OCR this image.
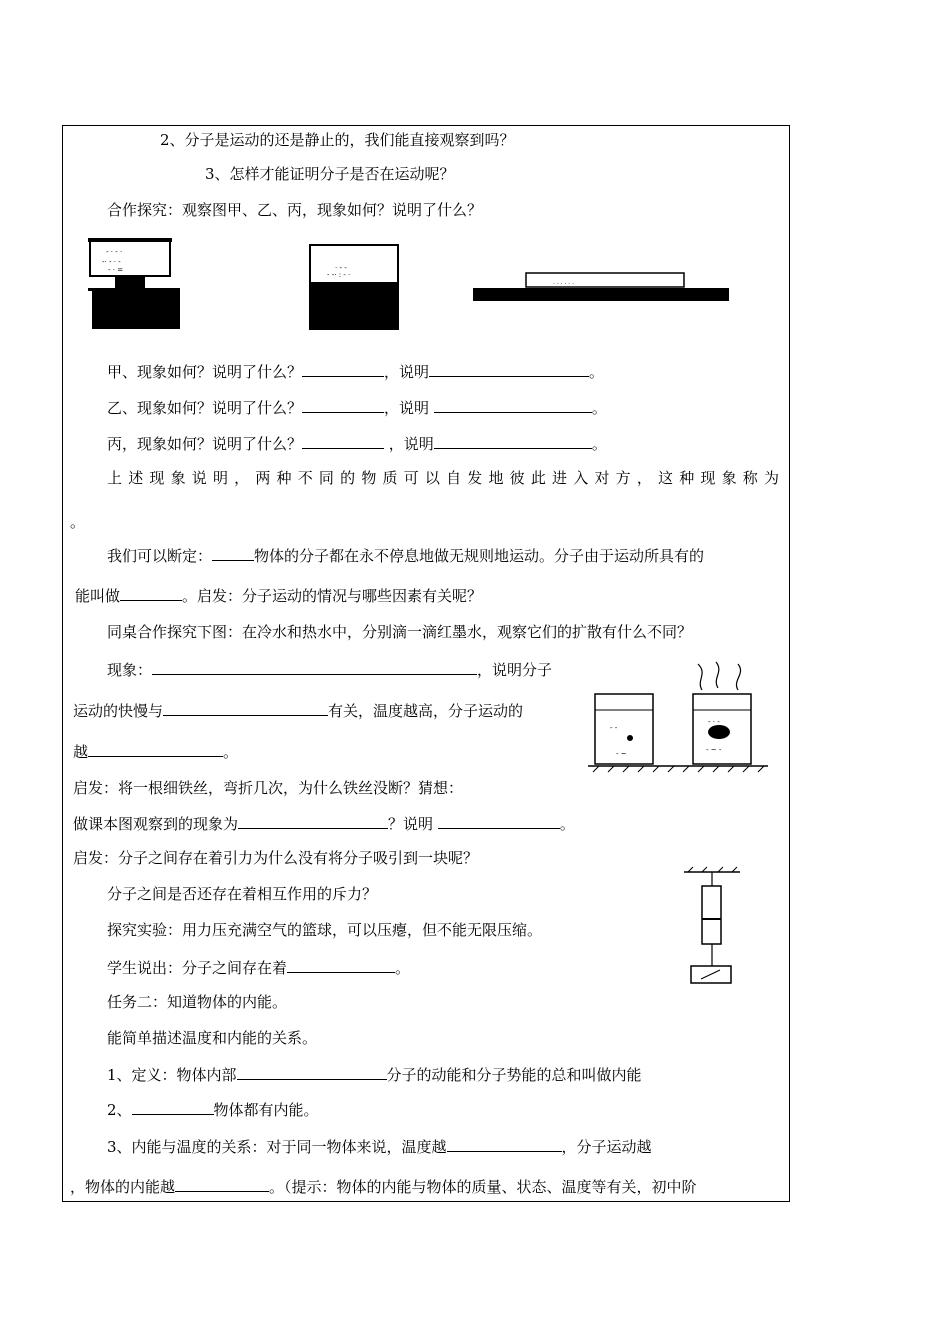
2、分子是运动的还是静止的，我们能直接观察到吗？
3、怎样才能证明分子是否在运动呢？
合作探究：观察图甲、乙、丙，现象如何？说明了什么？
- · - ·
-· - · -
- · =
- -· : - ·
· - -
· · · · · ·
甲、现象如何？说明了什么？	，说明	。
乙、现象如何？说明了什么？	，说明	。
丙，现象如何？说明了什么？	，说明	。
上述现象说明，两种不同的物质可以自发地彼此进入对方，这种现象称为
。
我们可以断定：	物体的分子都在永不停息地做无规则地运动。分子由于运动所具有的
能叫做	。启发：分子运动的情况与哪些因素有关呢？
同桌合作探究下图：在冷水和热水中，分别滴一滴红墨水，观察它们的扩散有什么不同？
现象：	，说明分子
运动的快慢与	有关，温度越高，分子运动的
越	。
- -
- ~
- · -
- ~ -
启发：将一根细铁丝，弯折几次，为什么铁丝没断？猜想：
做课本图观察到的现象为	？说明	。
启发：分子之间存在着引力为什么没有将分子吸引到一块呢？
分子之间是否还存在着相互作用的斥力？
探究实验：用力压充满空气的篮球，可以压瘪，但不能无限压缩。
学生说出：分子之间存在着	。
任务二：知道物体的内能。
能简单描述温度和内能的关系。
1、定义：物体内部	分子的动能和分子势能的总和叫做内能
2、	物体都有内能。
3、内能与温度的关系：对于同一物体来说，温度越	，分子运动越
，物体的内能越	。（提示：物体的内能与物体的质量、状态、温度等有关，初中阶
